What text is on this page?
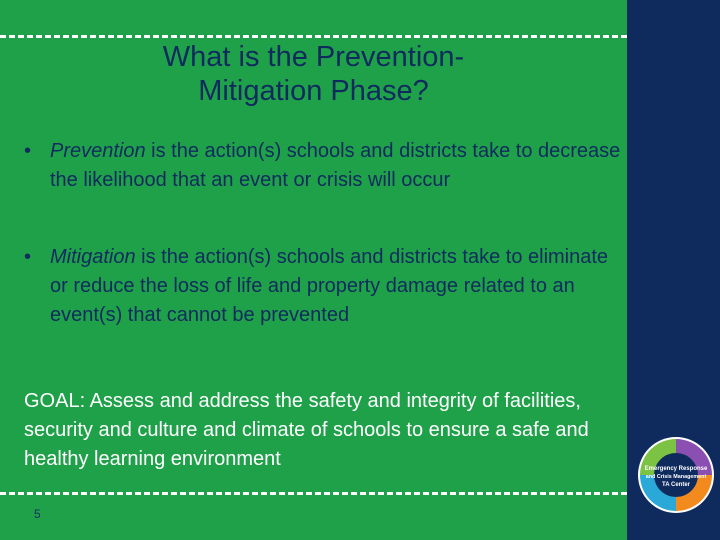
What is the Prevention-
Mitigation Phase?
• Prevention is the action(s) schools and districts take to decrease the likelihood that an event or crisis will occur
• Mitigation is the action(s) schools and districts take to eliminate or reduce the loss of life and property damage related to an event(s) that cannot be prevented
GOAL: Assess and address the safety and integrity of facilities, security and culture and climate of schools to ensure a safe and healthy learning environment
5
Emergency Response
and Crisis Management
TA Center
